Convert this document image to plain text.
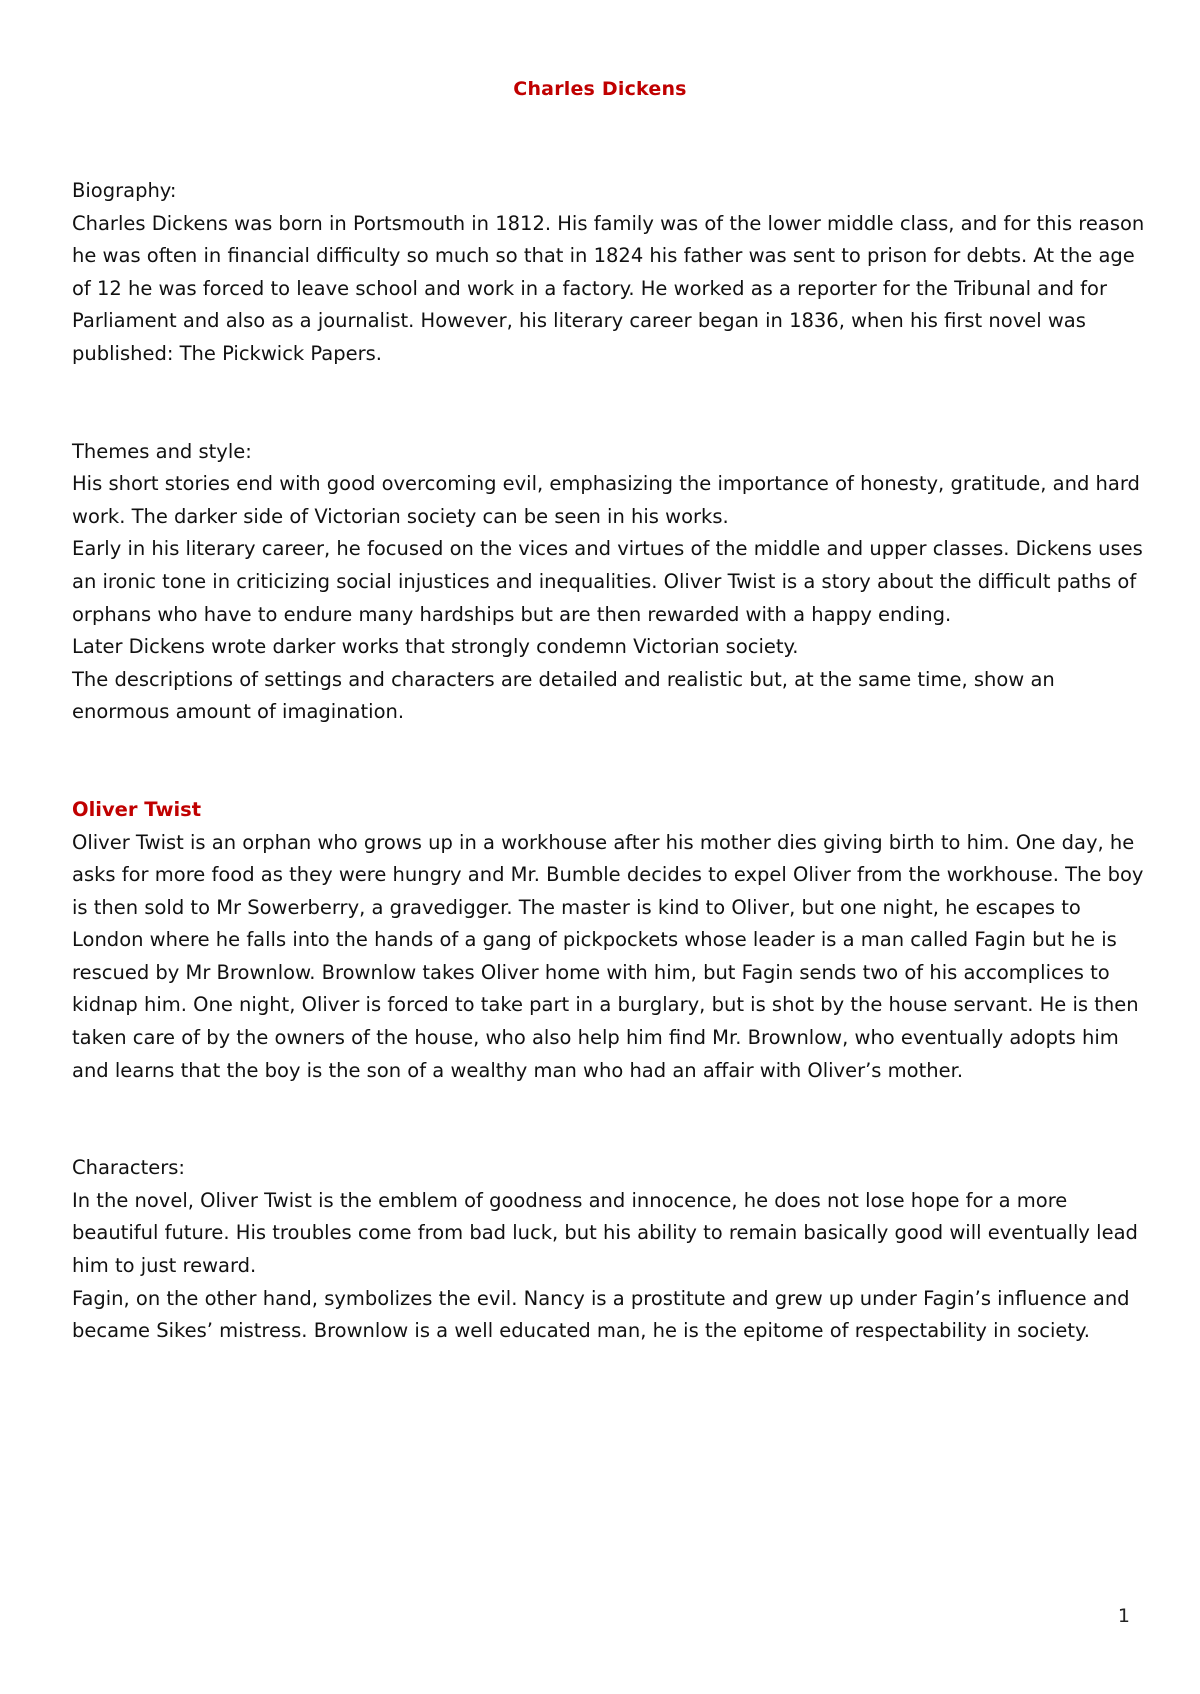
Charles Dickens
Biography:

Charles Dickens was born in Portsmouth in 1812. His family was of the lower middle class, and for this reason he was often in financial difficulty so much so that in 1824 his father was sent to prison for debts. At the age of 12 he was forced to leave school and work in a factory. He worked as a reporter for the Tribunal and for Parliament and also as a journalist. However, his literary career began in 1836, when his first novel was published: The Pickwick Papers.

Themes and style:

His short stories end with good overcoming evil, emphasizing the importance of honesty, gratitude, and hard work. The darker side of Victorian society can be seen in his works.

Early in his literary career, he focused on the vices and virtues of the middle and upper classes. Dickens uses an ironic tone in criticizing social injustices and inequalities. Oliver Twist is a story about the difficult paths of orphans who have to endure many hardships but are then rewarded with a happy ending.

Later Dickens wrote darker works that strongly condemn Victorian society.

The descriptions of settings and characters are detailed and realistic but, at the same time, show an enormous amount of imagination.

Oliver Twist

Oliver Twist is an orphan who grows up in a workhouse after his mother dies giving birth to him. One day, he asks for more food as they were hungry and Mr. Bumble decides to expel Oliver from the workhouse. The boy is then sold to Mr Sowerberry, a gravedigger. The master is kind to Oliver, but one night, he escapes to London where he falls into the hands of a gang of pickpockets whose leader is a man called Fagin but he is rescued by Mr Brownlow. Brownlow takes Oliver home with him, but Fagin sends two of his accomplices to kidnap him. One night, Oliver is forced to take part in a burglary, but is shot by the house servant. He is then taken care of by the owners of the house, who also help him find Mr. Brownlow, who eventually adopts him and learns that the boy is the son of a wealthy man who had an affair with Oliver’s mother.

Characters:

In the novel, Oliver Twist is the emblem of goodness and innocence, he does not lose hope for a more beautiful future. His troubles come from bad luck, but his ability to remain basically good will eventually lead him to just reward.

Fagin, on the other hand, symbolizes the evil. Nancy is a prostitute and grew up under Fagin’s influence and became Sikes’ mistress. Brownlow is a well educated man, he is the epitome of respectability in society.

1
